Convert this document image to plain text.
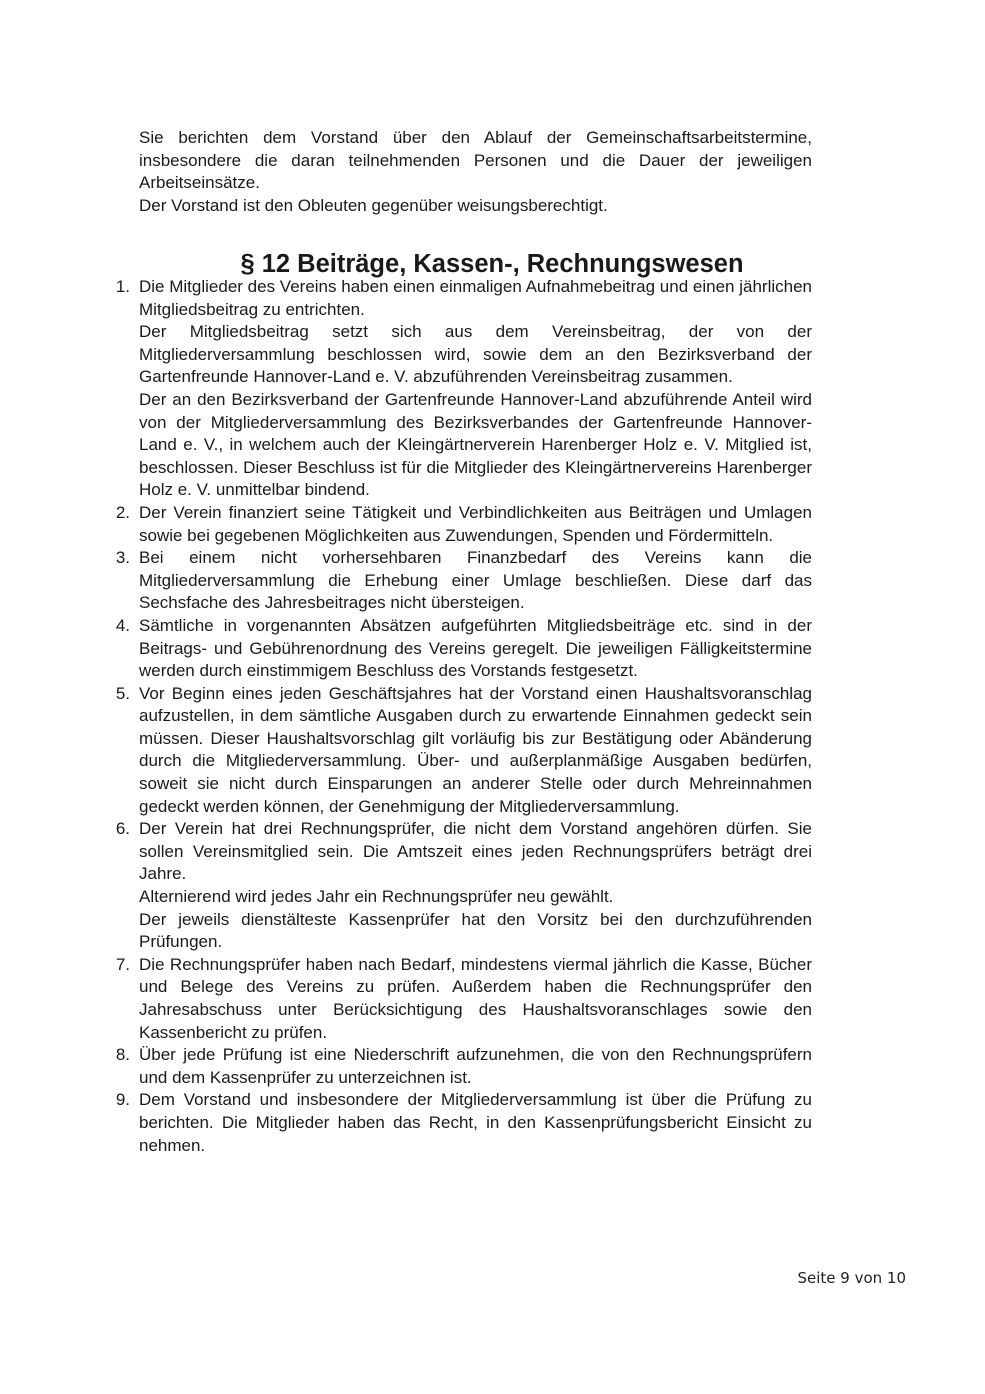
Sie berichten dem Vorstand über den Ablauf der Gemeinschaftsarbeitstermine, insbesondere die daran teilnehmenden Personen und die Dauer der jeweiligen Arbeitseinsätze.

Der Vorstand ist den Obleuten gegenüber weisungsberechtigt.

§ 12 Beiträge, Kassen-, Rechnungswesen
1. Die Mitglieder des Vereins haben einen einmaligen Aufnahmebeitrag und einen jährlichen Mitgliedsbeitrag zu entrichten.

Der Mitgliedsbeitrag setzt sich aus dem Vereinsbeitrag, der von der Mitgliederversammlung beschlossen wird, sowie dem an den Bezirksverband der Gartenfreunde Hannover-Land e. V. abzuführenden Vereinsbeitrag zusammen.

Der an den Bezirksverband der Gartenfreunde Hannover-Land abzuführende Anteil wird von der Mitgliederversammlung des Bezirksverbandes der Gartenfreunde Hannover-Land e. V., in welchem auch der Kleingärtnerverein Harenberger Holz e. V. Mitglied ist, beschlossen. Dieser Beschluss ist für die Mitglieder des Kleingärtnervereins Harenberger Holz e. V. unmittelbar bindend.

2. Der Verein finanziert seine Tätigkeit und Verbindlichkeiten aus Beiträgen und Umlagen sowie bei gegebenen Möglichkeiten aus Zuwendungen, Spenden und Fördermitteln.

3. Bei einem nicht vorhersehbaren Finanzbedarf des Vereins kann die Mitgliederversammlung die Erhebung einer Umlage beschließen. Diese darf das Sechsfache des Jahresbeitrages nicht übersteigen.

4. Sämtliche in vorgenannten Absätzen aufgeführten Mitgliedsbeiträge etc. sind in der Beitrags- und Gebührenordnung des Vereins geregelt. Die jeweiligen Fälligkeitstermine werden durch einstimmigem Beschluss des Vorstands festgesetzt.

5. Vor Beginn eines jeden Geschäftsjahres hat der Vorstand einen Haushaltsvoranschlag aufzustellen, in dem sämtliche Ausgaben durch zu erwartende Einnahmen gedeckt sein müssen. Dieser Haushaltsvorschlag gilt vorläufig bis zur Bestätigung oder Abänderung durch die Mitgliederversammlung. Über- und außerplanmäßige Ausgaben bedürfen, soweit sie nicht durch Einsparungen an anderer Stelle oder durch Mehreinnahmen gedeckt werden können, der Genehmigung der Mitgliederversammlung.

6. Der Verein hat drei Rechnungsprüfer, die nicht dem Vorstand angehören dürfen. Sie sollen Vereinsmitglied sein. Die Amtszeit eines jeden Rechnungsprüfers beträgt drei Jahre.

Alternierend wird jedes Jahr ein Rechnungsprüfer neu gewählt.

Der jeweils dienstälteste Kassenprüfer hat den Vorsitz bei den durchzuführenden Prüfungen.

7. Die Rechnungsprüfer haben nach Bedarf, mindestens viermal jährlich die Kasse, Bücher und Belege des Vereins zu prüfen. Außerdem haben die Rechnungsprüfer den Jahresabschuss unter Berücksichtigung des Haushaltsvoranschlages sowie den Kassenbericht zu prüfen.

8. Über jede Prüfung ist eine Niederschrift aufzunehmen, die von den Rechnungsprüfern und dem Kassenprüfer zu unterzeichnen ist.

9. Dem Vorstand und insbesondere der Mitgliederversammlung ist über die Prüfung zu berichten. Die Mitglieder haben das Recht, in den Kassenprüfungsbericht Einsicht zu nehmen.

Seite 9 von 10
